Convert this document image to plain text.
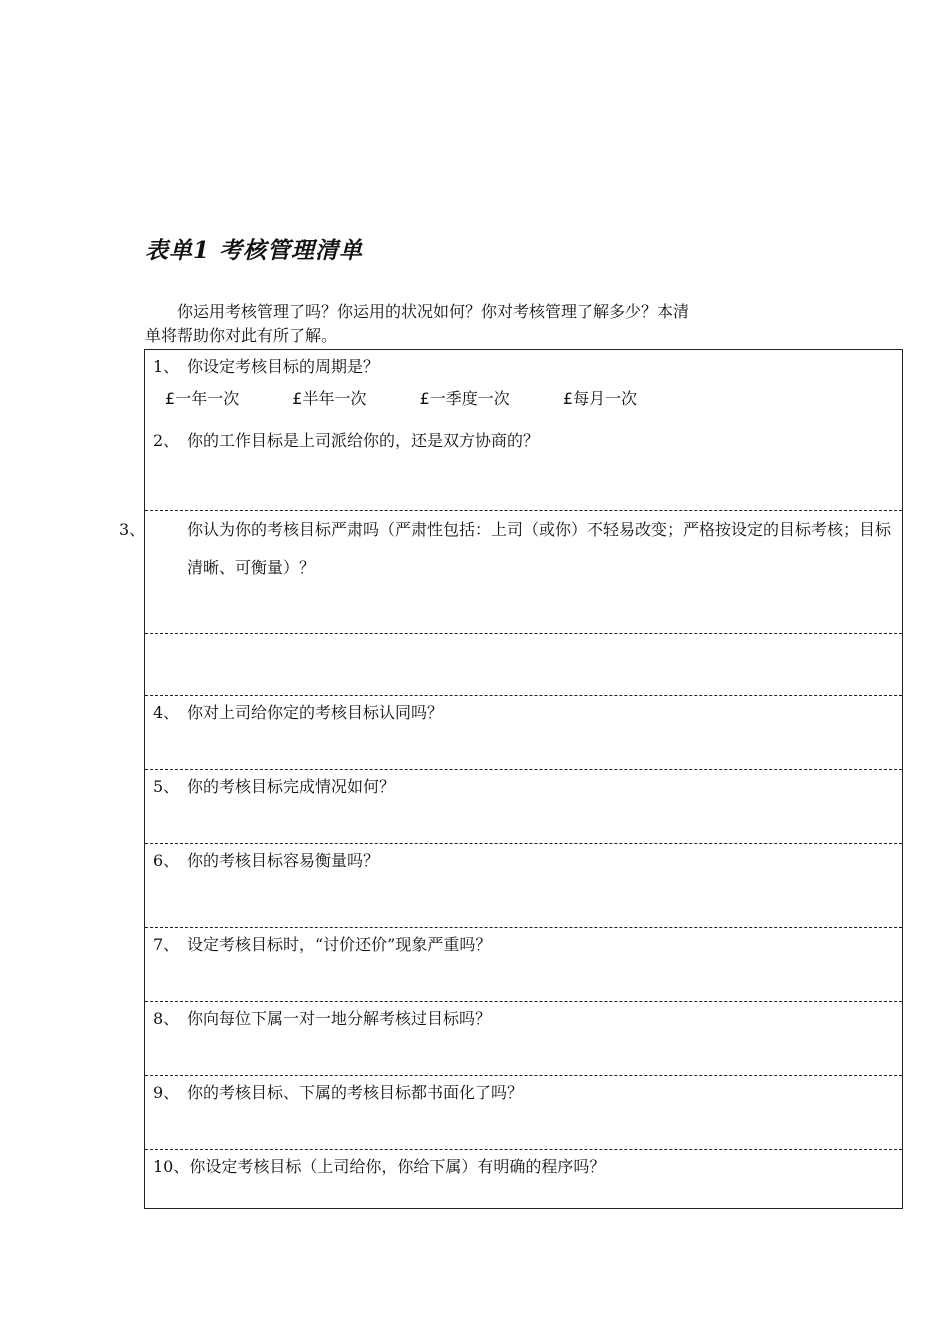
表单1 考核管理清单
你运用考核管理了吗？你运用的状况如何？你对考核管理了解多少？本清
单将帮助你对此有所了解。
1、 你设定考核目标的周期是？
£一年一次	£半年一次	£一季度一次	£每月一次
2、 你的工作目标是上司派给你的，还是双方协商的？
3、	你认为你的考核目标严肃吗（严肃性包括：上司（或你）不轻易改变；严格按设定的目标考核；目标清晰、可衡量）？
4、 你对上司给你定的考核目标认同吗？
5、 你的考核目标完成情况如何？
6、 你的考核目标容易衡量吗？
7、 设定考核目标时，“讨价还价”现象严重吗？
8、 你向每位下属一对一地分解考核过目标吗？
9、 你的考核目标、下属的考核目标都书面化了吗？
10、你设定考核目标（上司给你，你给下属）有明确的程序吗？
